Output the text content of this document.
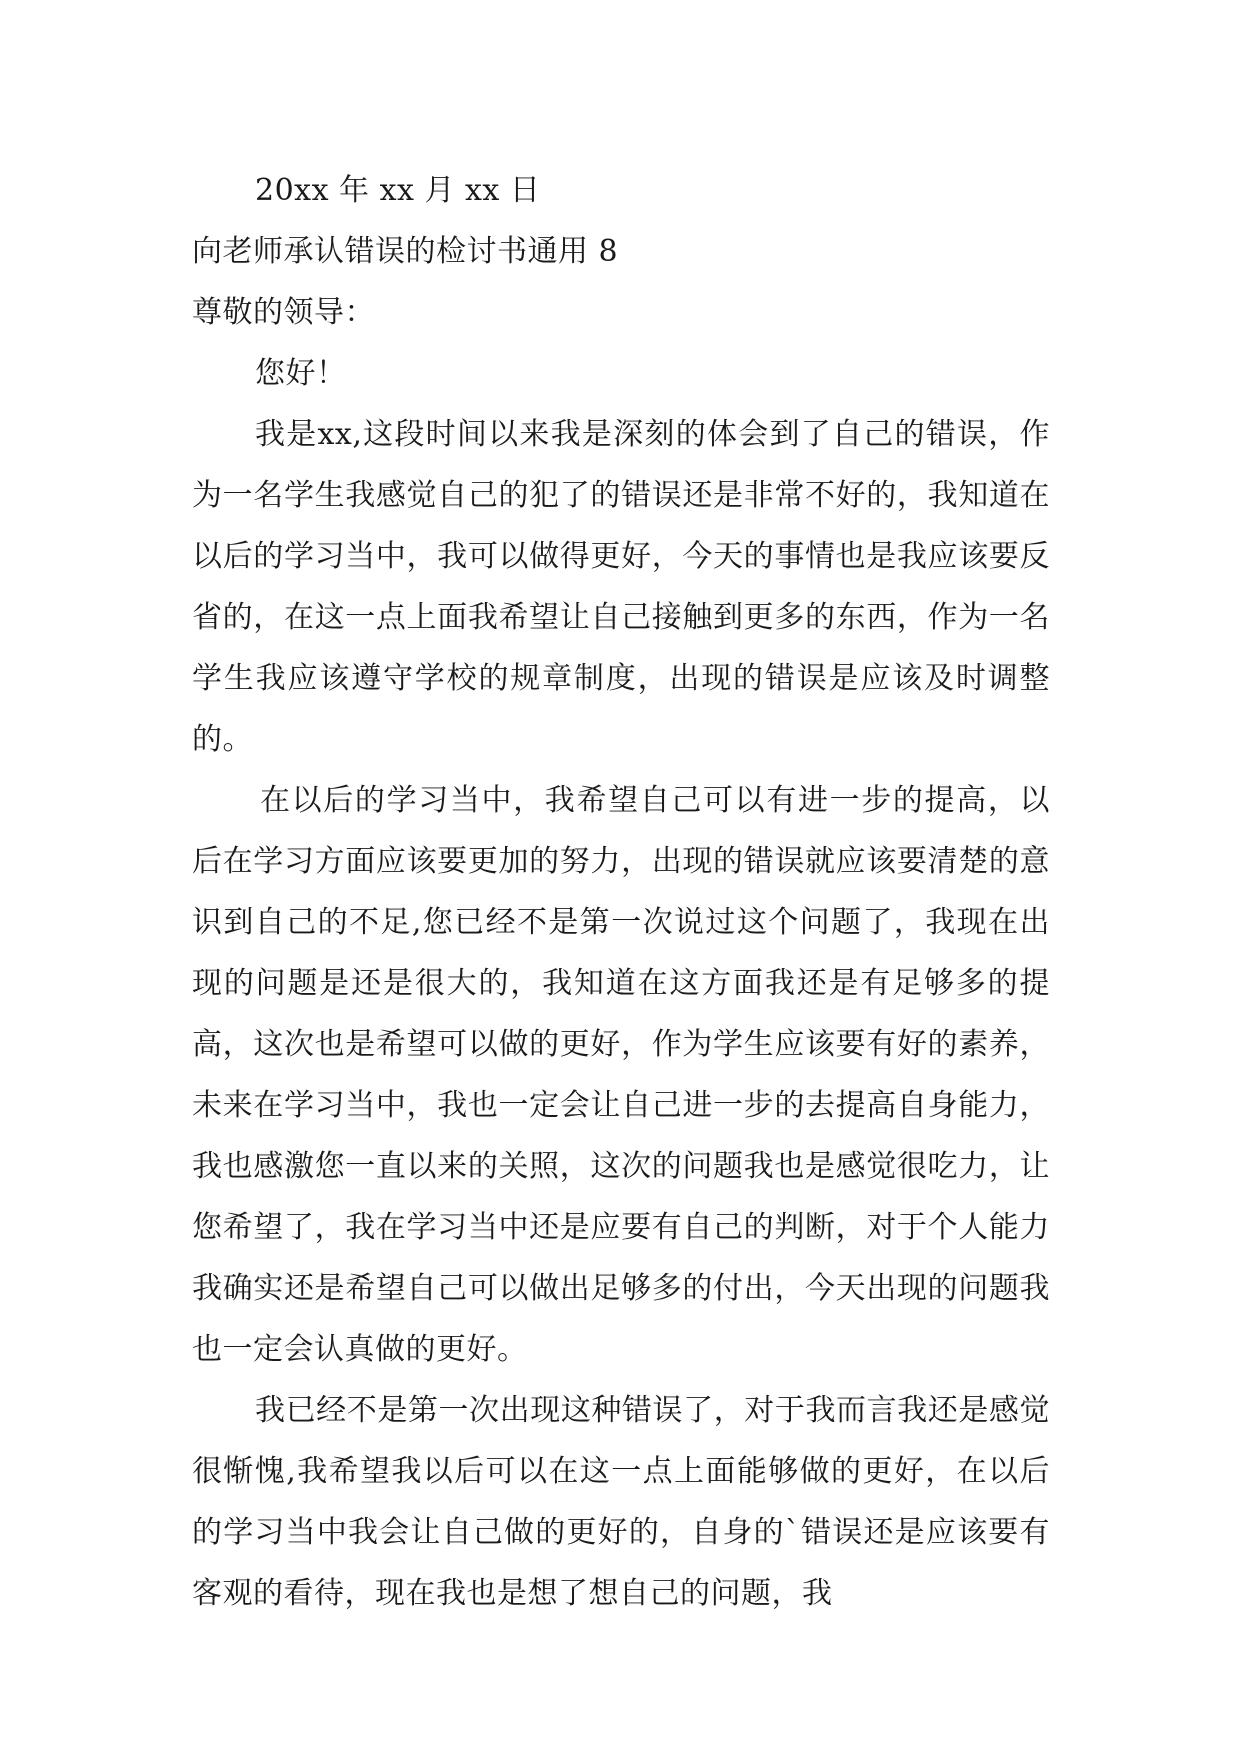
20xx 年 xx 月 xx 日

向老师承认错误的检讨书通用 8

尊敬的领导：

您好！

我是xx,这段时间以来我是深刻的体会到了自己的错误，作为一名学生我感觉自己的犯了的错误还是非常不好的，我知道在以后的学习当中，我可以做得更好，今天的事情也是我应该要反省的，在这一点上面我希望让自己接触到更多的东西，作为一名学生我应该遵守学校的规章制度，出现的错误是应该及时调整的。

在以后的学习当中，我希望自己可以有进一步的提高，以后在学习方面应该要更加的努力，出现的错误就应该要清楚的意识到自己的不足,您已经不是第一次说过这个问题了，我现在出现的问题是还是很大的，我知道在这方面我还是有足够多的提高，这次也是希望可以做的更好，作为学生应该要有好的素养，未来在学习当中，我也一定会让自己进一步的去提高自身能力，我也感激您一直以来的关照，这次的问题我也是感觉很吃力，让您希望了，我在学习当中还是应要有自己的判断，对于个人能力我确实还是希望自己可以做出足够多的付出，今天出现的问题我也一定会认真做的更好。

我已经不是第一次出现这种错误了，对于我而言我还是感觉很惭愧,我希望我以后可以在这一点上面能够做的更好，在以后的学习当中我会让自己做的更好的，自身的`错误还是应该要有客观的看待，现在我也是想了想自己的问题，我
